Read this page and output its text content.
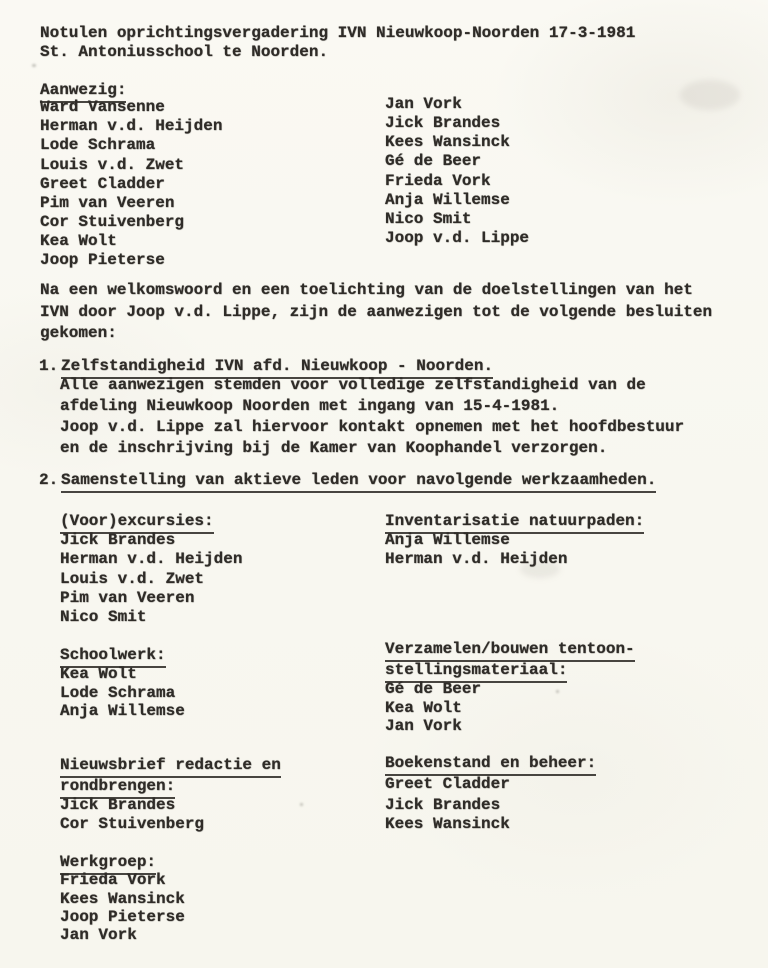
Notulen oprichtingsvergadering IVN Nieuwkoop-Noorden 17-3-1981
St. Antoniusschool te Noorden.
Aanwezig:
Ward Vansenne
Herman v.d. Heijden
Lode Schrama
Louis v.d. Zwet
Greet Cladder
Pim van Veeren
Cor Stuivenberg
Kea Wolt
Joop Pieterse
Jan Vork
Jick Brandes
Kees Wansinck
Gé de Beer
Frieda Vork
Anja Willemse
Nico Smit
Joop v.d. Lippe
Na een welkomswoord en een toelichting van de doelstellingen van het
IVN door Joop v.d. Lippe, zijn de aanwezigen tot de volgende besluiten
gekomen:
1. Zelfstandigheid IVN afd. Nieuwkoop - Noorden.
Alle aanwezigen stemden voor volledige zelfstandigheid van de
afdeling Nieuwkoop Noorden met ingang van 15-4-1981.
Joop v.d. Lippe zal hiervoor kontakt opnemen met het hoofdbestuur
en de inschrijving bij de Kamer van Koophandel verzorgen.
2. Samenstelling van aktieve leden voor navolgende werkzaamheden.
(Voor)excursies:
Jick Brandes
Herman v.d. Heijden
Louis v.d. Zwet
Pim van Veeren
Nico Smit
Inventarisatie natuurpaden:
Anja Willemse
Herman v.d. Heijden
Schoolwerk:
Kea Wolt
Lode Schrama
Anja Willemse
Verzamelen/bouwen tentoon-
stellingsmateriaal:
Gé de Beer
Kea Wolt
Jan Vork
Nieuwsbrief redactie en
rondbrengen:
Jick Brandes
Cor Stuivenberg
Boekenstand en beheer:
Greet Cladder
Jick Brandes
Kees Wansinck
Werkgroep:
Frieda Vork
Kees Wansinck
Joop Pieterse
Jan Vork
